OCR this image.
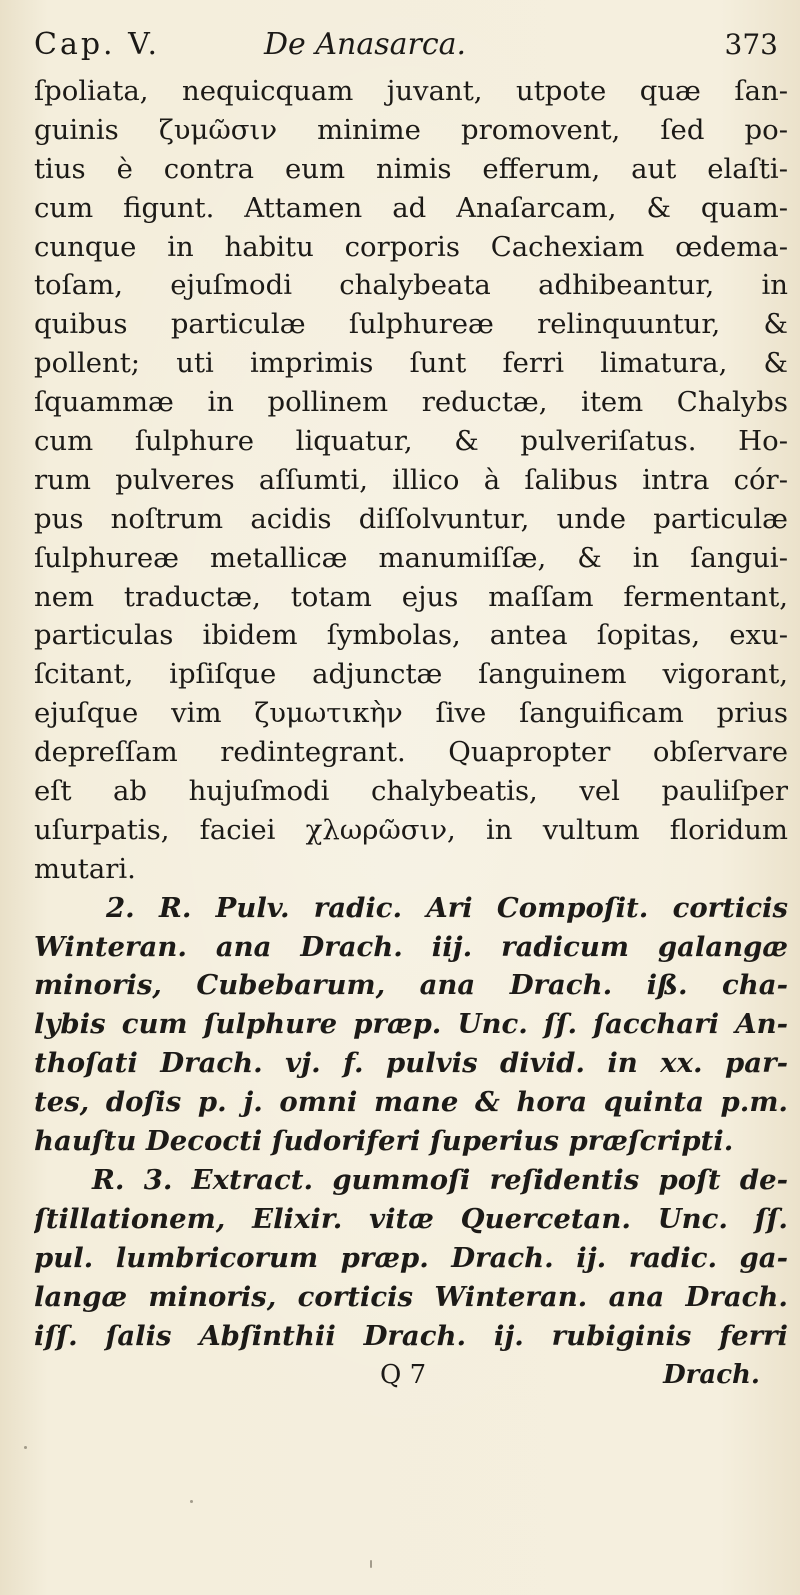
Cap. V.	De Anasarca.	373
ſpoliata, nequicquam juvant, utpote quæ ſan-
guinis ζυμῶσιν minime promovent, ſed po-
tius è contra eum nimis efferum, aut elaſti-
cum figunt. Attamen ad Anaſarcam, & quam-
cunque in habitu corporis Cachexiam œdema-
toſam, ejuſmodi chalybeata adhibeantur, in
quibus particulæ ſulphureæ relinquuntur, &
pollent; uti imprimis ſunt ferri limatura, &
ſquammæ in pollinem reductæ, item Chalybs
cum ſulphure liquatur, & pulveriſatus. Ho-
rum pulveres aſſumti, illico à ſalibus intra cór-
pus noſtrum acidis diſſolvuntur, unde particulæ
ſulphureæ metallicæ manumiſſæ, & in ſangui-
nem traductæ, totam ejus maſſam fermentant,
particulas ibidem ſymbolas, antea ſopitas, exu-
ſcitant, ipſiſque adjunctæ ſanguinem vigorant,
ejuſque vim ζυμωτικὴν ſive ſanguificam prius
depreſſam redintegrant. Quapropter obſervare
eſt ab hujuſmodi chalybeatis, vel pauliſper
uſurpatis, faciei χλωρῶσιν, in vultum floridum
mutari.
2. R. Pulv. radic. Ari Compoſit. corticis
Winteran. ana Drach. iij. radicum galangæ
minoris, Cubebarum, ana Drach. iß. cha-
lybis cum ſulphure præp. Unc. ſſ. ſacchari An-
thoſati Drach. vj. f. pulvis divid. in xx. par-
tes, doſis p. j. omni mane & hora quinta p.m.
hauſtu Decocti ſudoriferi ſuperius præſcripti.
R. 3. Extract. gummoſi reſidentis poſt de-
ſtillationem, Elixir. vitæ Quercetan. Unc. ſſ.
pul. lumbricorum præp. Drach. ij. radic. ga-
langæ minoris, corticis Winteran. ana Drach.
iſſ. ſalis Abſinthii Drach. ij. rubiginis ferri
Q 7	Drach.
